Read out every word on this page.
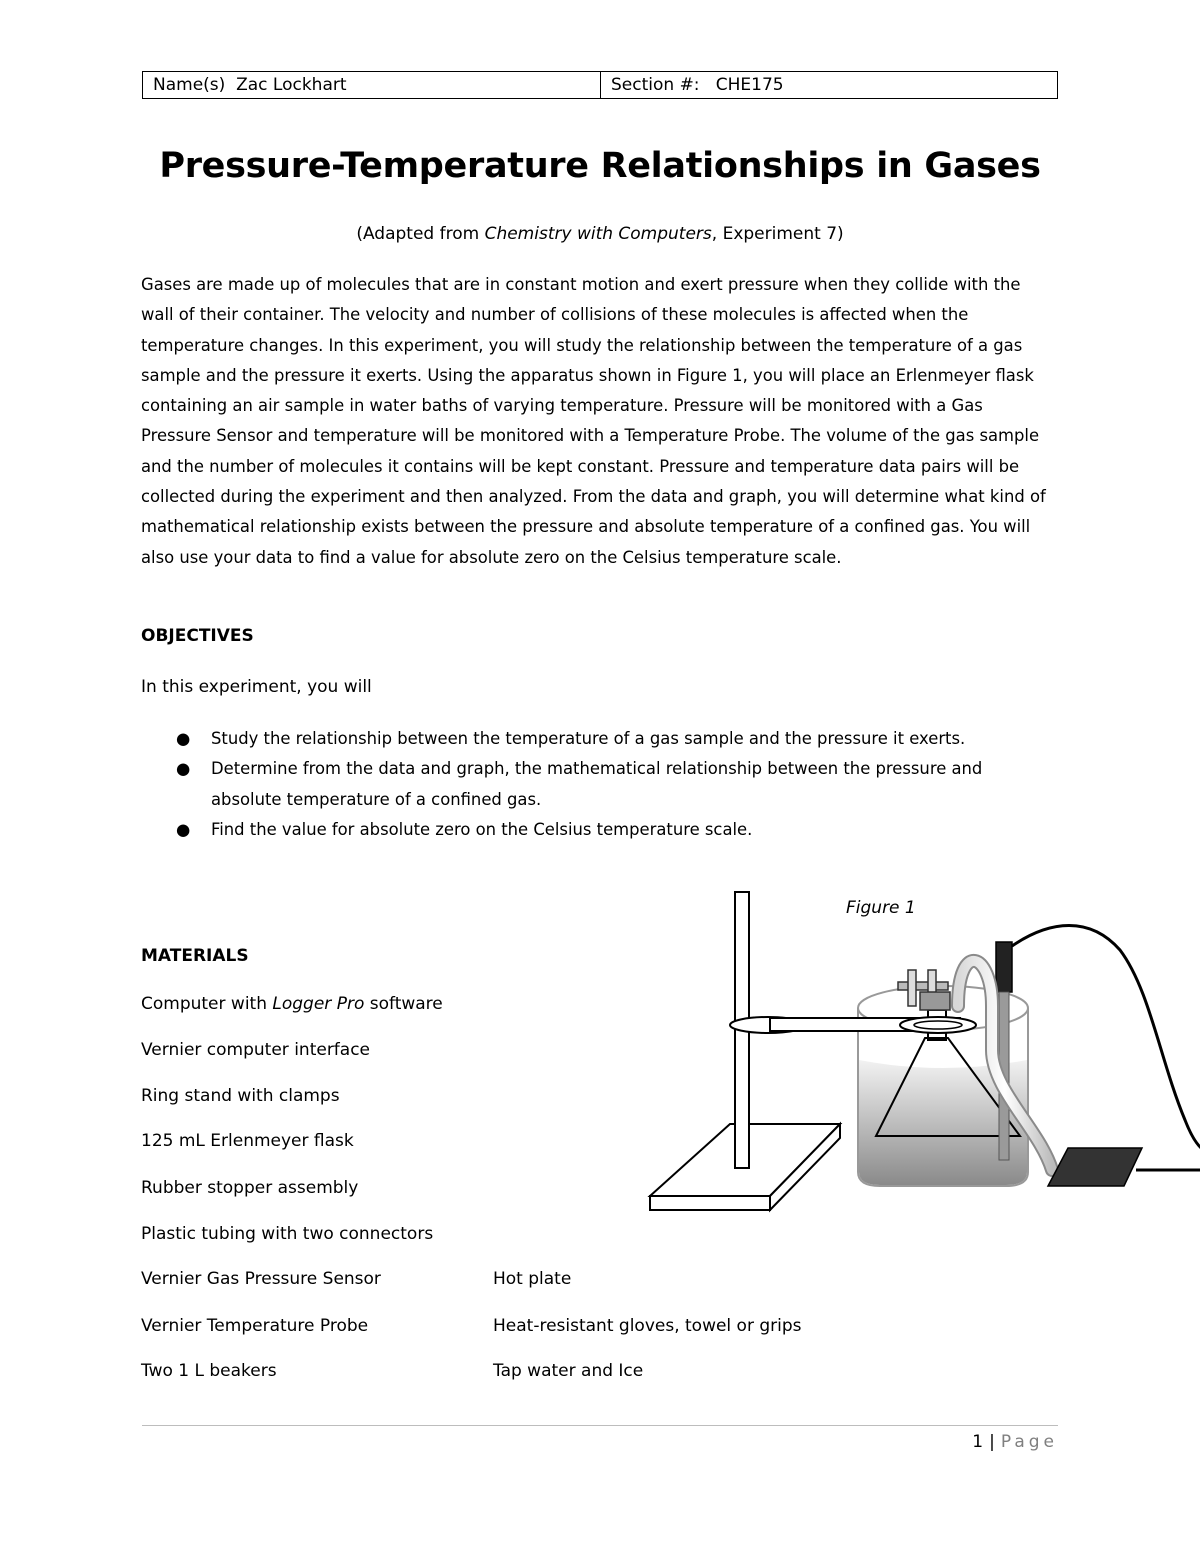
Name(s) Zac Lockhart	Section #: CHE175
Pressure-Temperature Relationships in Gases
(Adapted from Chemistry with Computers, Experiment 7)

Gases are made up of molecules that are in constant motion and exert pressure when they collide with the wall of their container. The velocity and number of collisions of these molecules is affected when the temperature changes. In this experiment, you will study the relationship between the temperature of a gas sample and the pressure it exerts. Using the apparatus shown in Figure 1, you will place an Erlenmeyer flask containing an air sample in water baths of varying temperature. Pressure will be monitored with a Gas Pressure Sensor and temperature will be monitored with a Temperature Probe. The volume of the gas sample and the number of molecules it contains will be kept constant. Pressure and temperature data pairs will be collected during the experiment and then analyzed. From the data and graph, you will determine what kind of mathematical relationship exists between the pressure and absolute temperature of a confined gas. You will also use your data to find a value for absolute zero on the Celsius temperature scale.

OBJECTIVES

In this experiment, you will

● Study the relationship between the temperature of a gas sample and the pressure it exerts.
● Determine from the data and graph, the mathematical relationship between the pressure and absolute temperature of a confined gas.
● Find the value for absolute zero on the Celsius temperature scale.
Figure 1

MATERIALS

Computer with Logger Pro software

Vernier computer interface

Ring stand with clamps

125 mL Erlenmeyer flask

Rubber stopper assembly

Plastic tubing with two connectors

Vernier Gas Pressure Sensor

Vernier Temperature Probe

Two 1 L beakers

Hot plate

Heat-resistant gloves, towel or grips

Tap water and Ice

1 | Page
